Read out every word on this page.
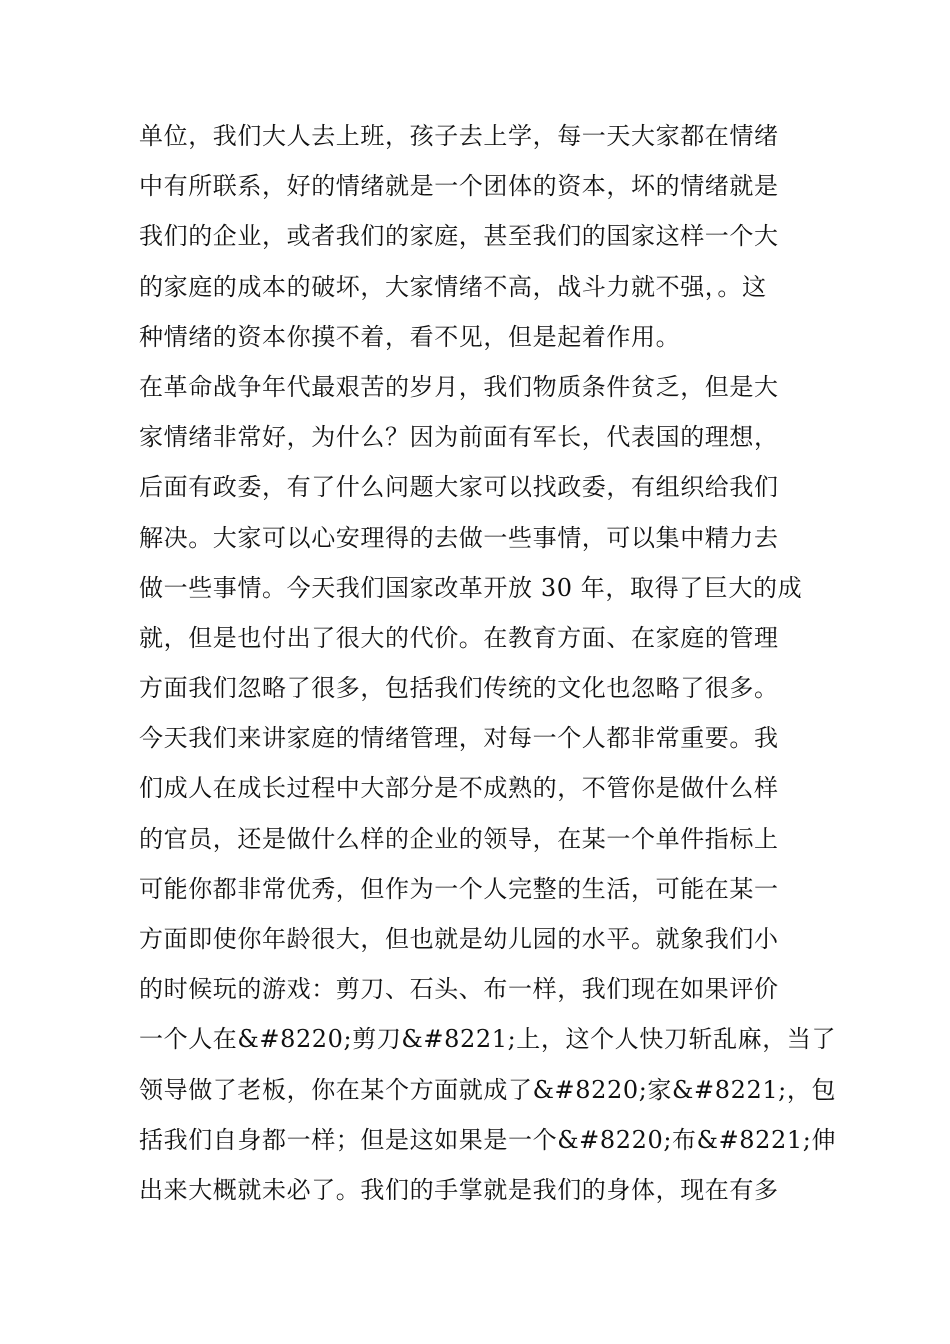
单位，我们大人去上班，孩子去上学，每一天大家都在情绪
中有所联系，好的情绪就是一个团体的资本，坏的情绪就是
我们的企业，或者我们的家庭，甚至我们的国家这样一个大
的家庭的成本的破坏，大家情绪不高，战斗力就不强，。这
种情绪的资本你摸不着，看不见，但是起着作用。
在革命战争年代最艰苦的岁月，我们物质条件贫乏，但是大
家情绪非常好，为什么？因为前面有军长，代表国的理想，
后面有政委，有了什么问题大家可以找政委，有组织给我们
解决。大家可以心安理得的去做一些事情，可以集中精力去
做一些事情。今天我们国家改革开放 30 年，取得了巨大的成
就，但是也付出了很大的代价。在教育方面、在家庭的管理
方面我们忽略了很多，包括我们传统的文化也忽略了很多。
今天我们来讲家庭的情绪管理，对每一个人都非常重要。我
们成人在成长过程中大部分是不成熟的，不管你是做什么样
的官员，还是做什么样的企业的领导，在某一个单件指标上
可能你都非常优秀，但作为一个人完整的生活，可能在某一
方面即使你年龄很大，但也就是幼儿园的水平。就象我们小
的时候玩的游戏：剪刀、石头、布一样，我们现在如果评价
一个人在&#8220;剪刀&#8221;上，这个人快刀斩乱麻，当了
领导做了老板，你在某个方面就成了&#8220;家&#8221;，包
括我们自身都一样；但是这如果是一个&#8220;布&#8221;伸
出来大概就未必了。我们的手掌就是我们的身体，现在有多
